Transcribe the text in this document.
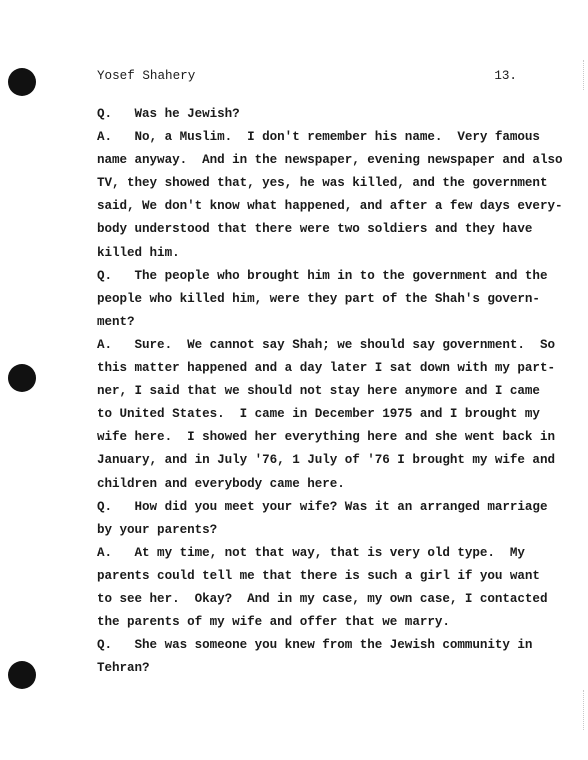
Yosef Shahery	13.
Q.   Was he Jewish?
A.   No, a Muslim.  I don't remember his name.  Very famous
name anyway.  And in the newspaper, evening newspaper and also
TV, they showed that, yes, he was killed, and the government
said, We don't know what happened, and after a few days every-
body understood that there were two soldiers and they have
killed him.
Q.   The people who brought him in to the government and the
people who killed him, were they part of the Shah's govern-
ment?
A.   Sure.  We cannot say Shah; we should say government.  So
this matter happened and a day later I sat down with my part-
ner, I said that we should not stay here anymore and I came
to United States.  I came in December 1975 and I brought my
wife here.  I showed her everything here and she went back in
January, and in July '76, 1 July of '76 I brought my wife and
children and everybody came here.
Q.   How did you meet your wife? Was it an arranged marriage
by your parents?
A.   At my time, not that way, that is very old type.  My
parents could tell me that there is such a girl if you want
to see her.  Okay?  And in my case, my own case, I contacted
the parents of my wife and offer that we marry.
Q.   She was someone you knew from the Jewish community in
Tehran?
